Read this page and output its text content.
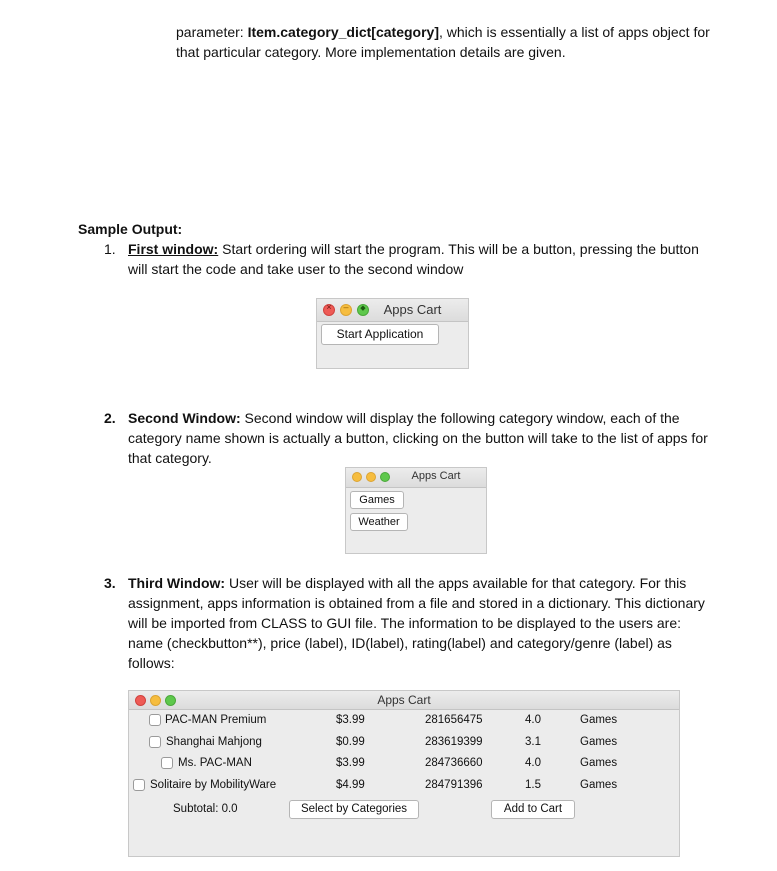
parameter: Item.category_dict[category], which is essentially a list of apps object for that particular category. More implementation details are given.
Sample Output:
1. First window: Start ordering will start the program. This will be a button, pressing the button will start the code and take user to the second window
× –	◆	Apps Cart
Start Application
2. Second Window: Second window will display the following category window, each of the category name shown is actually a button, clicking on the button will take to the list of apps for that category.
Apps Cart
Games
Weather
3. Third Window: User will be displayed with all the apps available for that category. For this assignment, apps information is obtained from a file and stored in a dictionary. This dictionary will be imported from CLASS to GUI file. The information to be displayed to the users are: name (checkbutton**), price (label), ID(label), rating(label) and category/genre (label) as follows:
Apps Cart
PAC-MAN Premium	$3.99	281656475	4.0	Games
Shanghai Mahjong	$0.99	283619399	3.1	Games
Ms. PAC-MAN	$3.99	284736660	4.0	Games
Solitaire by MobilityWare	$4.99	284791396	1.5	Games
Subtotal: 0.0	Select by Categories	Add to Cart
